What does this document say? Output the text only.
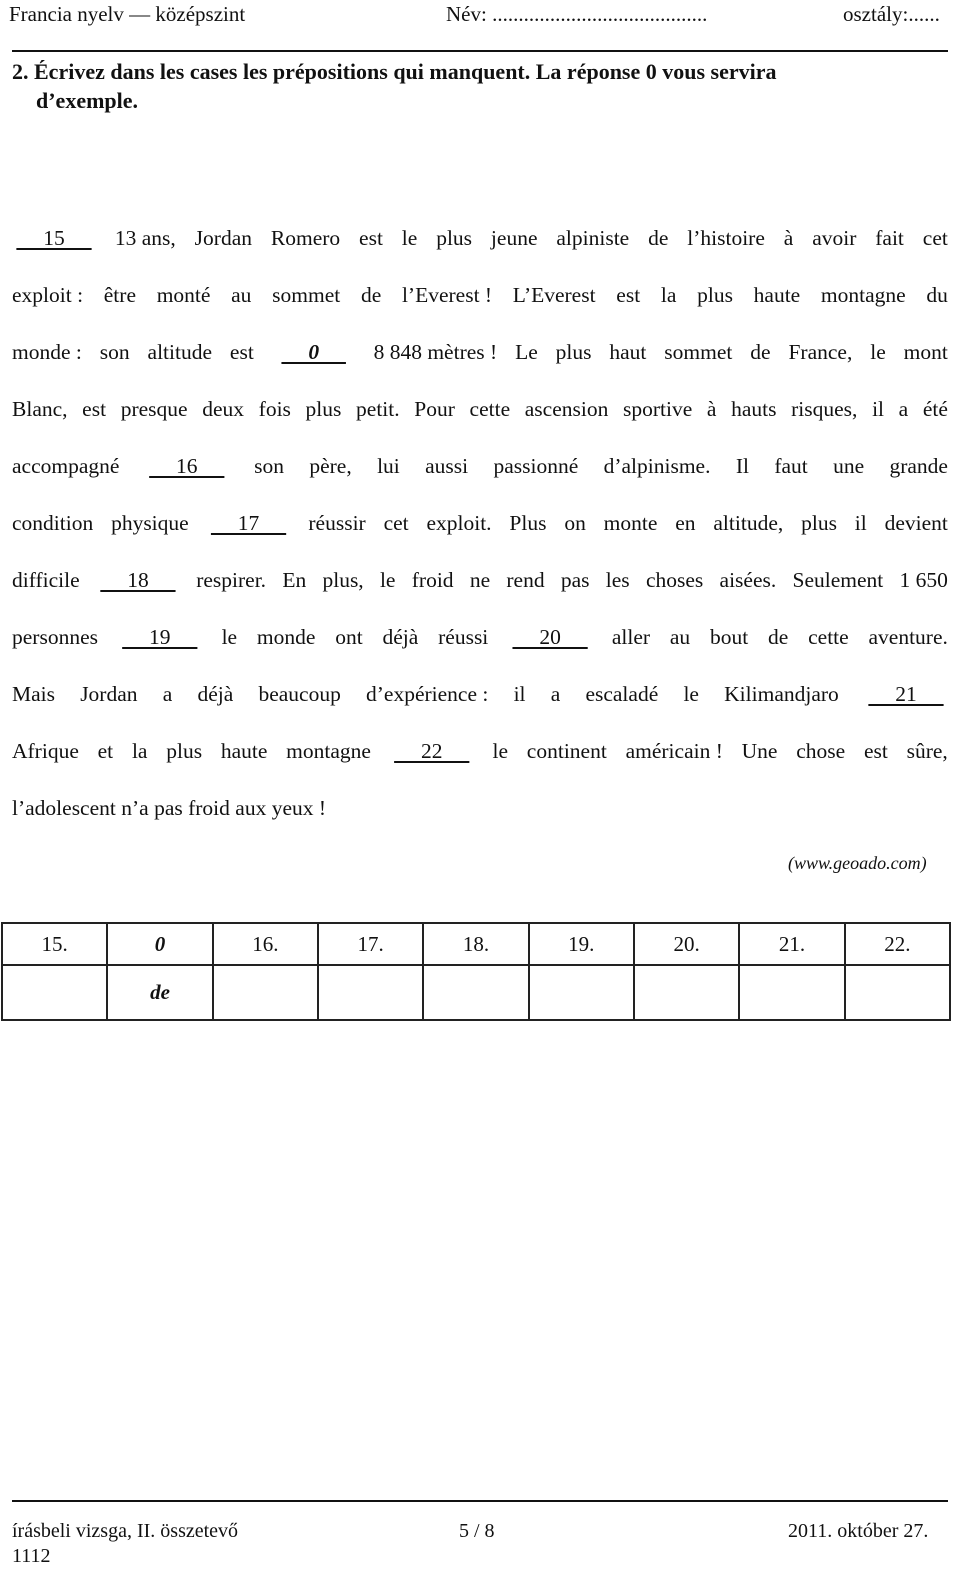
Francia nyelv — középszint	Név: .........................................	osztály:......
2. Écrivez dans les cases les prépositions qui manquent. La réponse 0 vous servira
d’exemple.
15 13 ans, Jordan Romero est le plus jeune alpiniste de l’histoire à avoir fait cet
exploit : être monté au sommet de l’Everest ! L’Everest est la plus haute montagne du
monde : son altitude est	0	8 848 mètres ! Le plus haut sommet de France, le mont
Blanc, est presque deux fois plus petit. Pour cette ascension sportive à hauts risques, il a été
accompagné 16 son père, lui aussi passionné d’alpinisme. Il faut une grande
condition physique 17 réussir cet exploit. Plus on monte en altitude, plus il devient
difficile 18 respirer. En plus, le froid ne rend pas les choses aisées. Seulement 1 650
personnes 19 le monde ont déjà réussi 20 aller au bout de cette aventure.
Mais Jordan a déjà beaucoup d’expérience : il a escaladé le Kilimandjaro 21
Afrique et la plus haute montagne 22 le continent américain ! Une chose est sûre,
l’adolescent n’a pas froid aux yeux !
(www.geoado.com)
15.	0	16.	17.	18.	19.	20.	21.	22.
	de							
írásbeli vizsga, II. összetevő
1112
5 / 8	2011. október 27.
